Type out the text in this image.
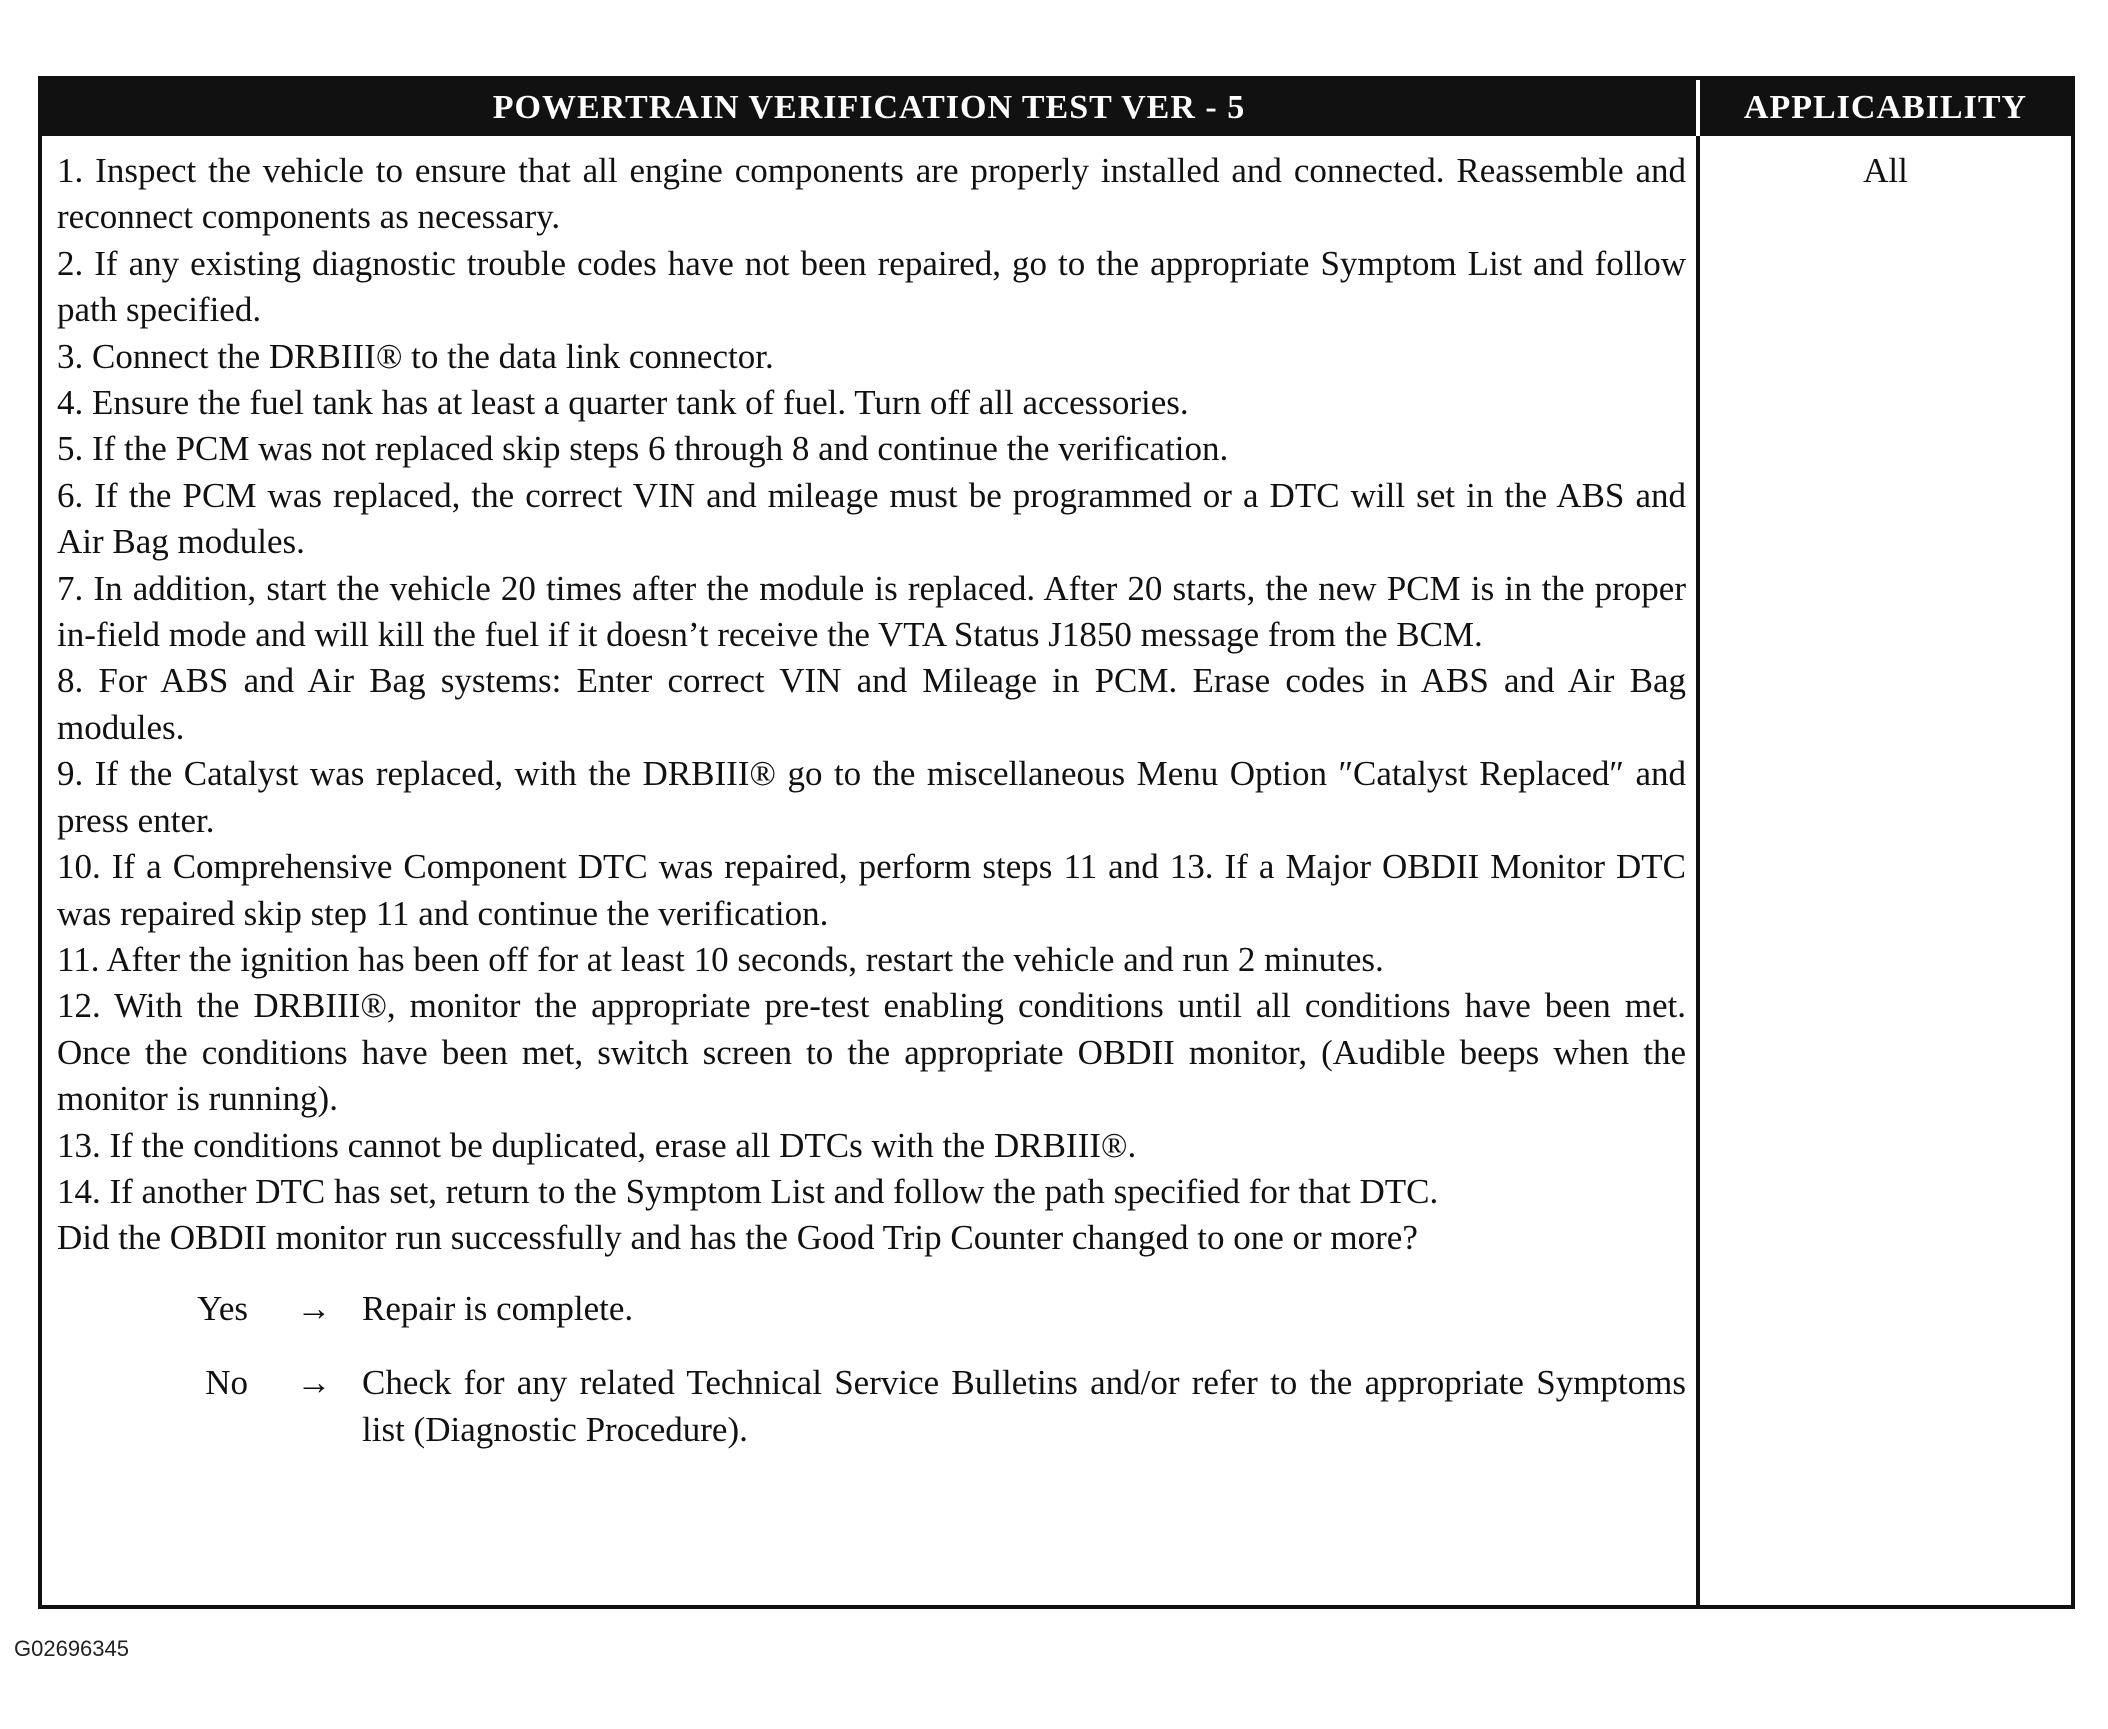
POWERTRAIN VERIFICATION TEST VER - 5	APPLICABILITY

1. Inspect the vehicle to ensure that all engine components are properly installed and connected. Reassemble and reconnect components as necessary.

2. If any existing diagnostic trouble codes have not been repaired, go to the appropriate Symptom List and follow path specified.

3. Connect the DRBIII® to the data link connector.

4. Ensure the fuel tank has at least a quarter tank of fuel. Turn off all accessories.

5. If the PCM was not replaced skip steps 6 through 8 and continue the verification.

6. If the PCM was replaced, the correct VIN and mileage must be programmed or a DTC will set in the ABS and Air Bag modules.

7. In addition, start the vehicle 20 times after the module is replaced. After 20 starts, the new PCM is in the proper in-field mode and will kill the fuel if it doesn’t receive the VTA Status J1850 message from the BCM.

8. For ABS and Air Bag systems: Enter correct VIN and Mileage in PCM. Erase codes in ABS and Air Bag modules.

9. If the Catalyst was replaced, with the DRBIII® go to the miscellaneous Menu Option ″Catalyst Replaced″ and press enter.

10. If a Comprehensive Component DTC was repaired, perform steps 11 and 13. If a Major OBDII Monitor DTC was repaired skip step 11 and continue the verification.

11. After the ignition has been off for at least 10 seconds, restart the vehicle and run 2 minutes.

12. With the DRBIII®, monitor the appropriate pre-test enabling conditions until all conditions have been met. Once the conditions have been met, switch screen to the appropriate OBDII monitor, (Audible beeps when the monitor is running).

13. If the conditions cannot be duplicated, erase all DTCs with the DRBIII®.

14. If another DTC has set, return to the Symptom List and follow the path specified for that DTC.

Did the OBDII monitor run successfully and has the Good Trip Counter changed to one or more?

Yes	→ Repair is complete.
No	→ Check for any related Technical Service Bulletins and/or refer to the appropriate Symptoms list (Diagnostic Procedure).
All
G02696345
